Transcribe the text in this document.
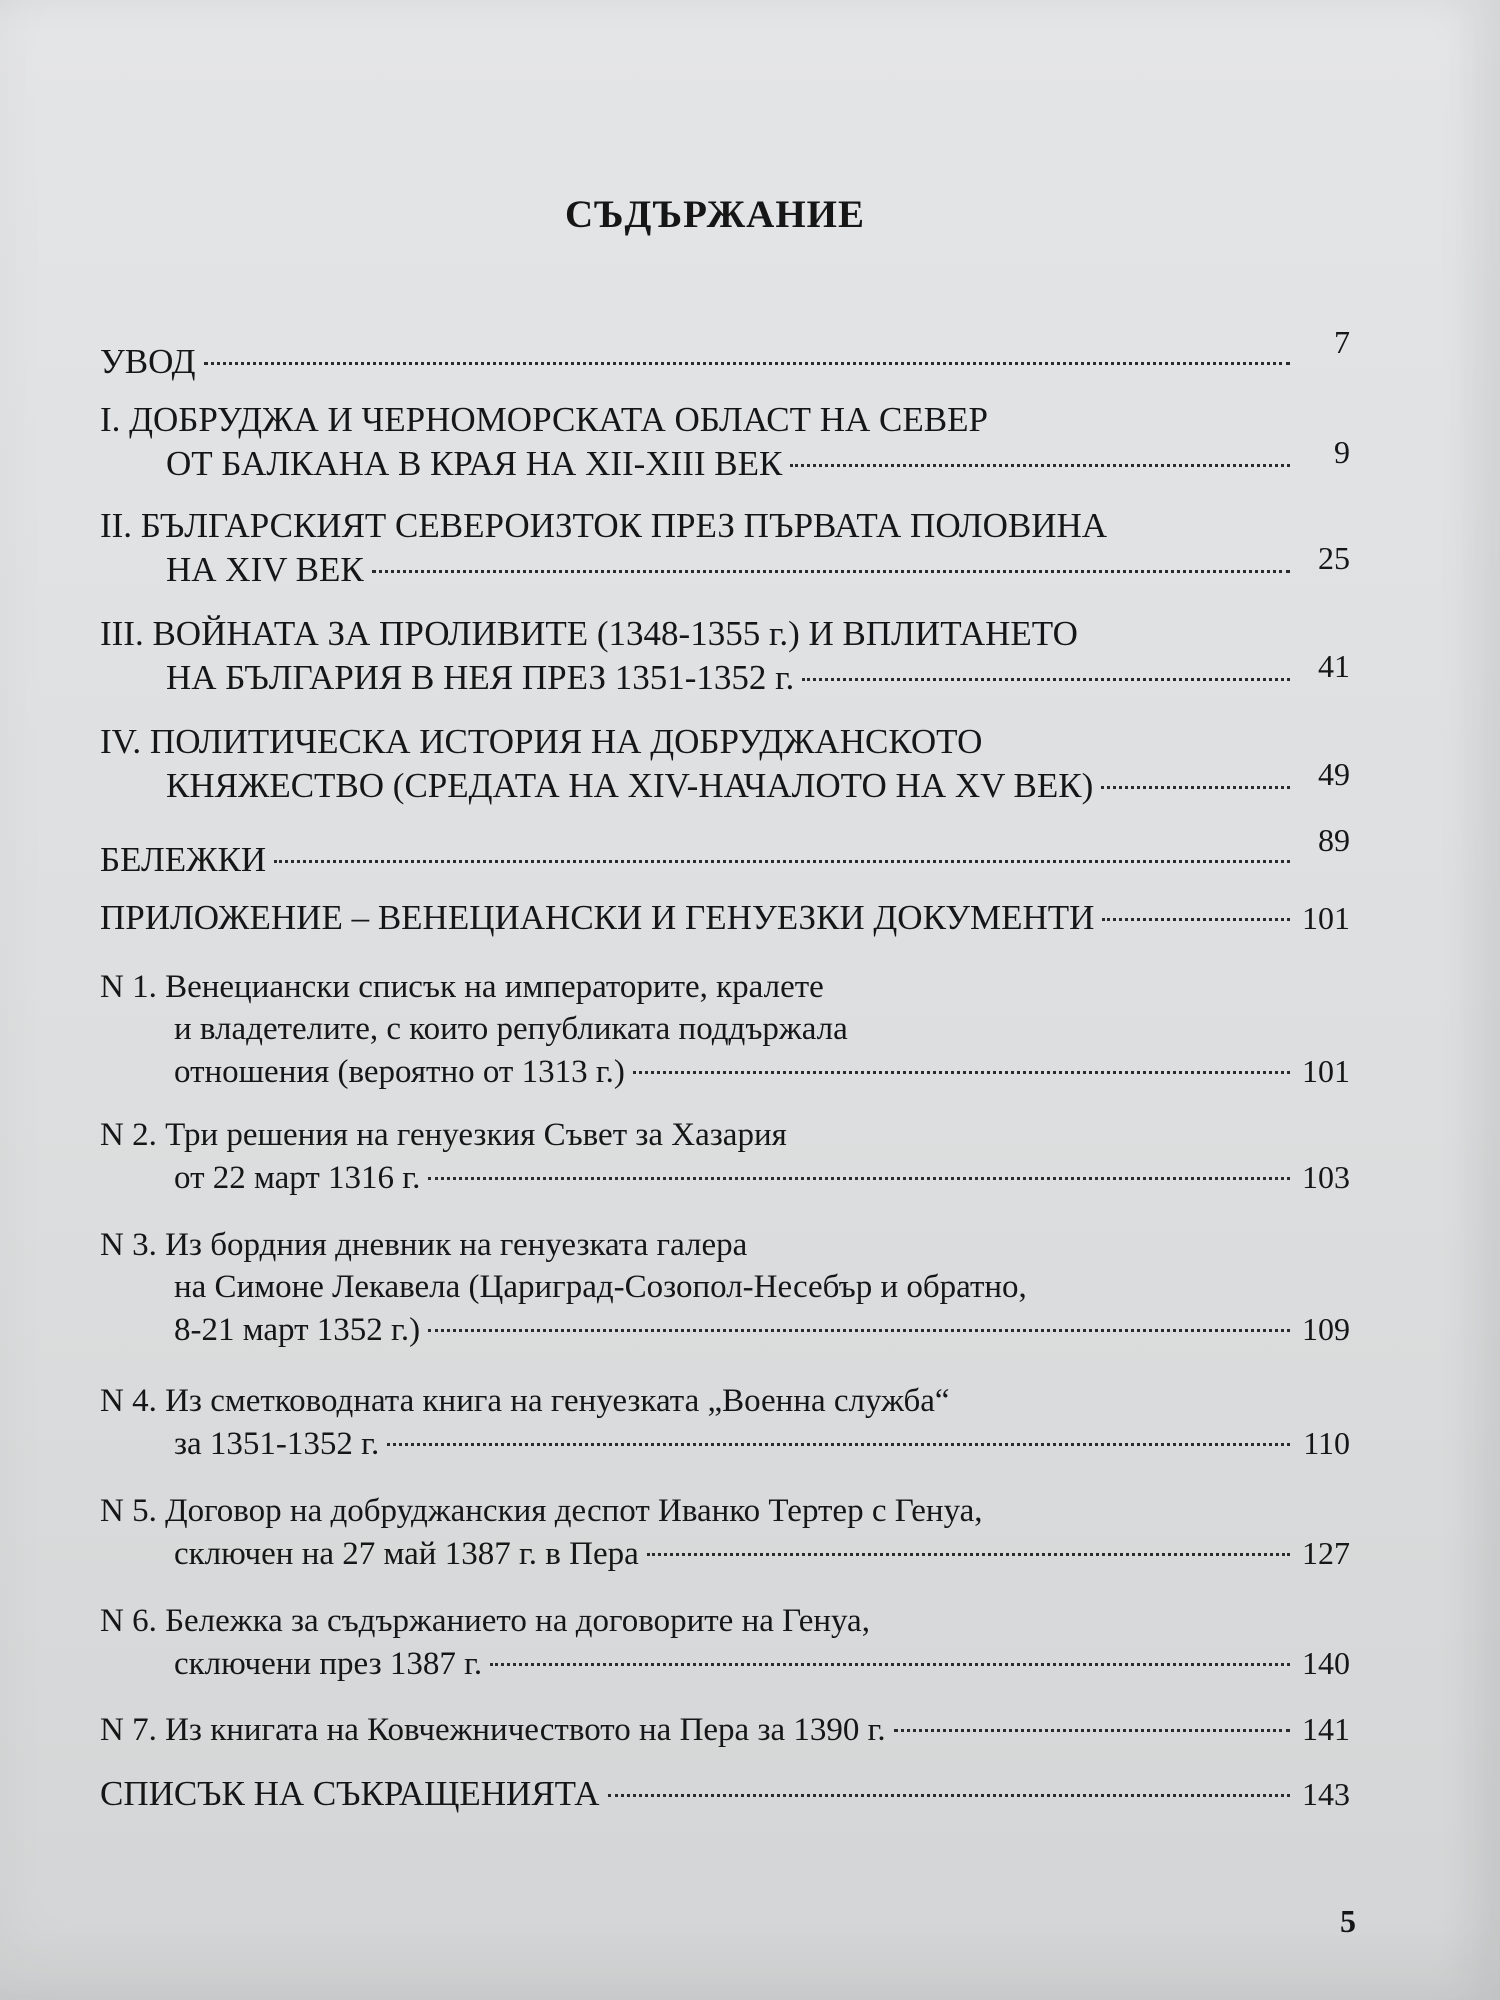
СЪДЪРЖАНИЕ
УВОД	7
I. ДОБРУДЖА И ЧЕРНОМОРСКАТА ОБЛАСТ НА СЕВЕР
ОТ БАЛКАНА В КРАЯ НА XII-XIII ВЕК	9
II. БЪЛГАРСКИЯТ СЕВЕРОИЗТОК ПРЕЗ ПЪРВАТА ПОЛОВИНА
НА XIV ВЕК	25
III. ВОЙНАТА ЗА ПРОЛИВИТЕ (1348-1355 г.) И ВПЛИТАНЕТО
НА БЪЛГАРИЯ В НЕЯ ПРЕЗ 1351-1352 г.	41
IV. ПОЛИТИЧЕСКА ИСТОРИЯ НА ДОБРУДЖАНСКОТО
КНЯЖЕСТВО (СРЕДАТА НА XIV-НАЧАЛОТО НА XV ВЕК)	49
БЕЛЕЖКИ	89
ПРИЛОЖЕНИЕ – ВЕНЕЦИАНСКИ И ГЕНУЕЗКИ ДОКУМЕНТИ	101
N 1. Венециански списък на императорите, кралете
и владетелите, с които републиката поддържала
отношения (вероятно от 1313 г.)	101
N 2. Три решения на генуезкия Съвет за Хазария
от 22 март 1316 г.	103
N 3. Из бордния дневник на генуезката галера
на Симоне Лекавела (Цариград-Созопол-Несебър и обратно,
8-21 март 1352 г.)	109
N 4. Из сметководната книга на генуезката „Военна служба“
за 1351-1352 г.	110
N 5. Договор на добруджанския деспот Иванко Тертер с Генуа,
сключен на 27 май 1387 г. в Пера	127
N 6. Бележка за съдържанието на договорите на Генуа,
сключени през 1387 г.	140
N 7. Из книгата на Ковчежничеството на Пера за 1390 г.	141
СПИСЪК НА СЪКРАЩЕНИЯТА	143
5
